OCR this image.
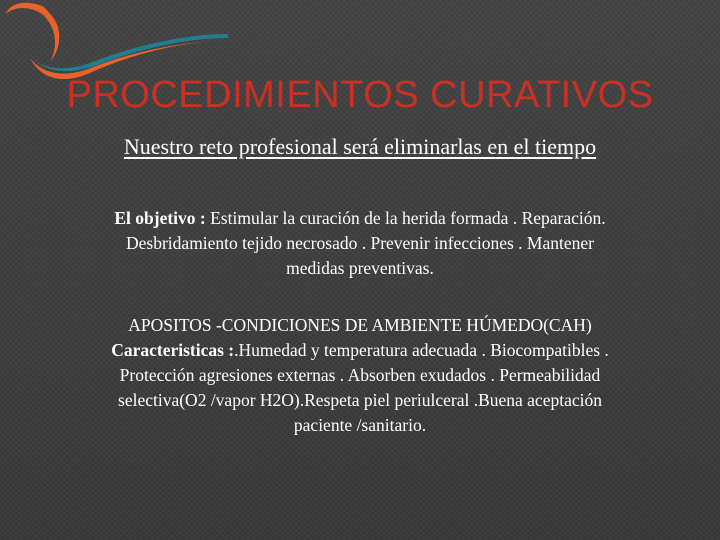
PROCEDIMIENTOS CURATIVOS
Nuestro reto profesional será eliminarlas en el tiempo
El objetivo : Estimular la curación de la herida formada . Reparación.
Desbridamiento tejido necrosado . Prevenir infecciones . Mantener
medidas preventivas.
APOSITOS -CONDICIONES DE AMBIENTE HÚMEDO(CAH)
Caracteristicas :.Humedad y temperatura adecuada . Biocompatibles .
Protección agresiones externas . Absorben exudados . Permeabilidad
selectiva(O2 /vapor H2O).Respeta piel periulceral .Buena aceptación
paciente /sanitario.
